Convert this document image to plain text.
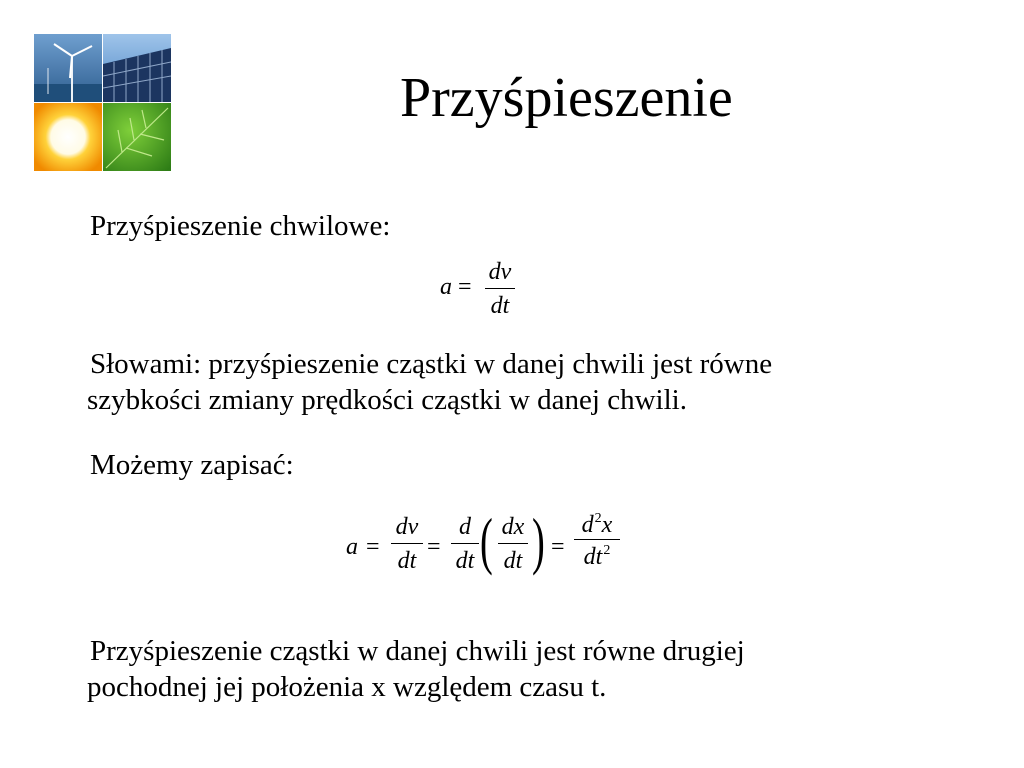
Przyśpieszenie
Przyśpieszenie chwilowe:
a =
dv
dt
Słowami: przyśpieszenie cząstki w danej chwili jest równe
szybkości zmiany prędkości cząstki w danej chwili.
Możemy zapisać:
a =
dv
dt
=
d
dt ( dx
dt ) =
$d^2x$
$dt^2$
Przyśpieszenie cząstki w danej chwili jest równe drugiej
pochodnej jej położenia x względem czasu t.
